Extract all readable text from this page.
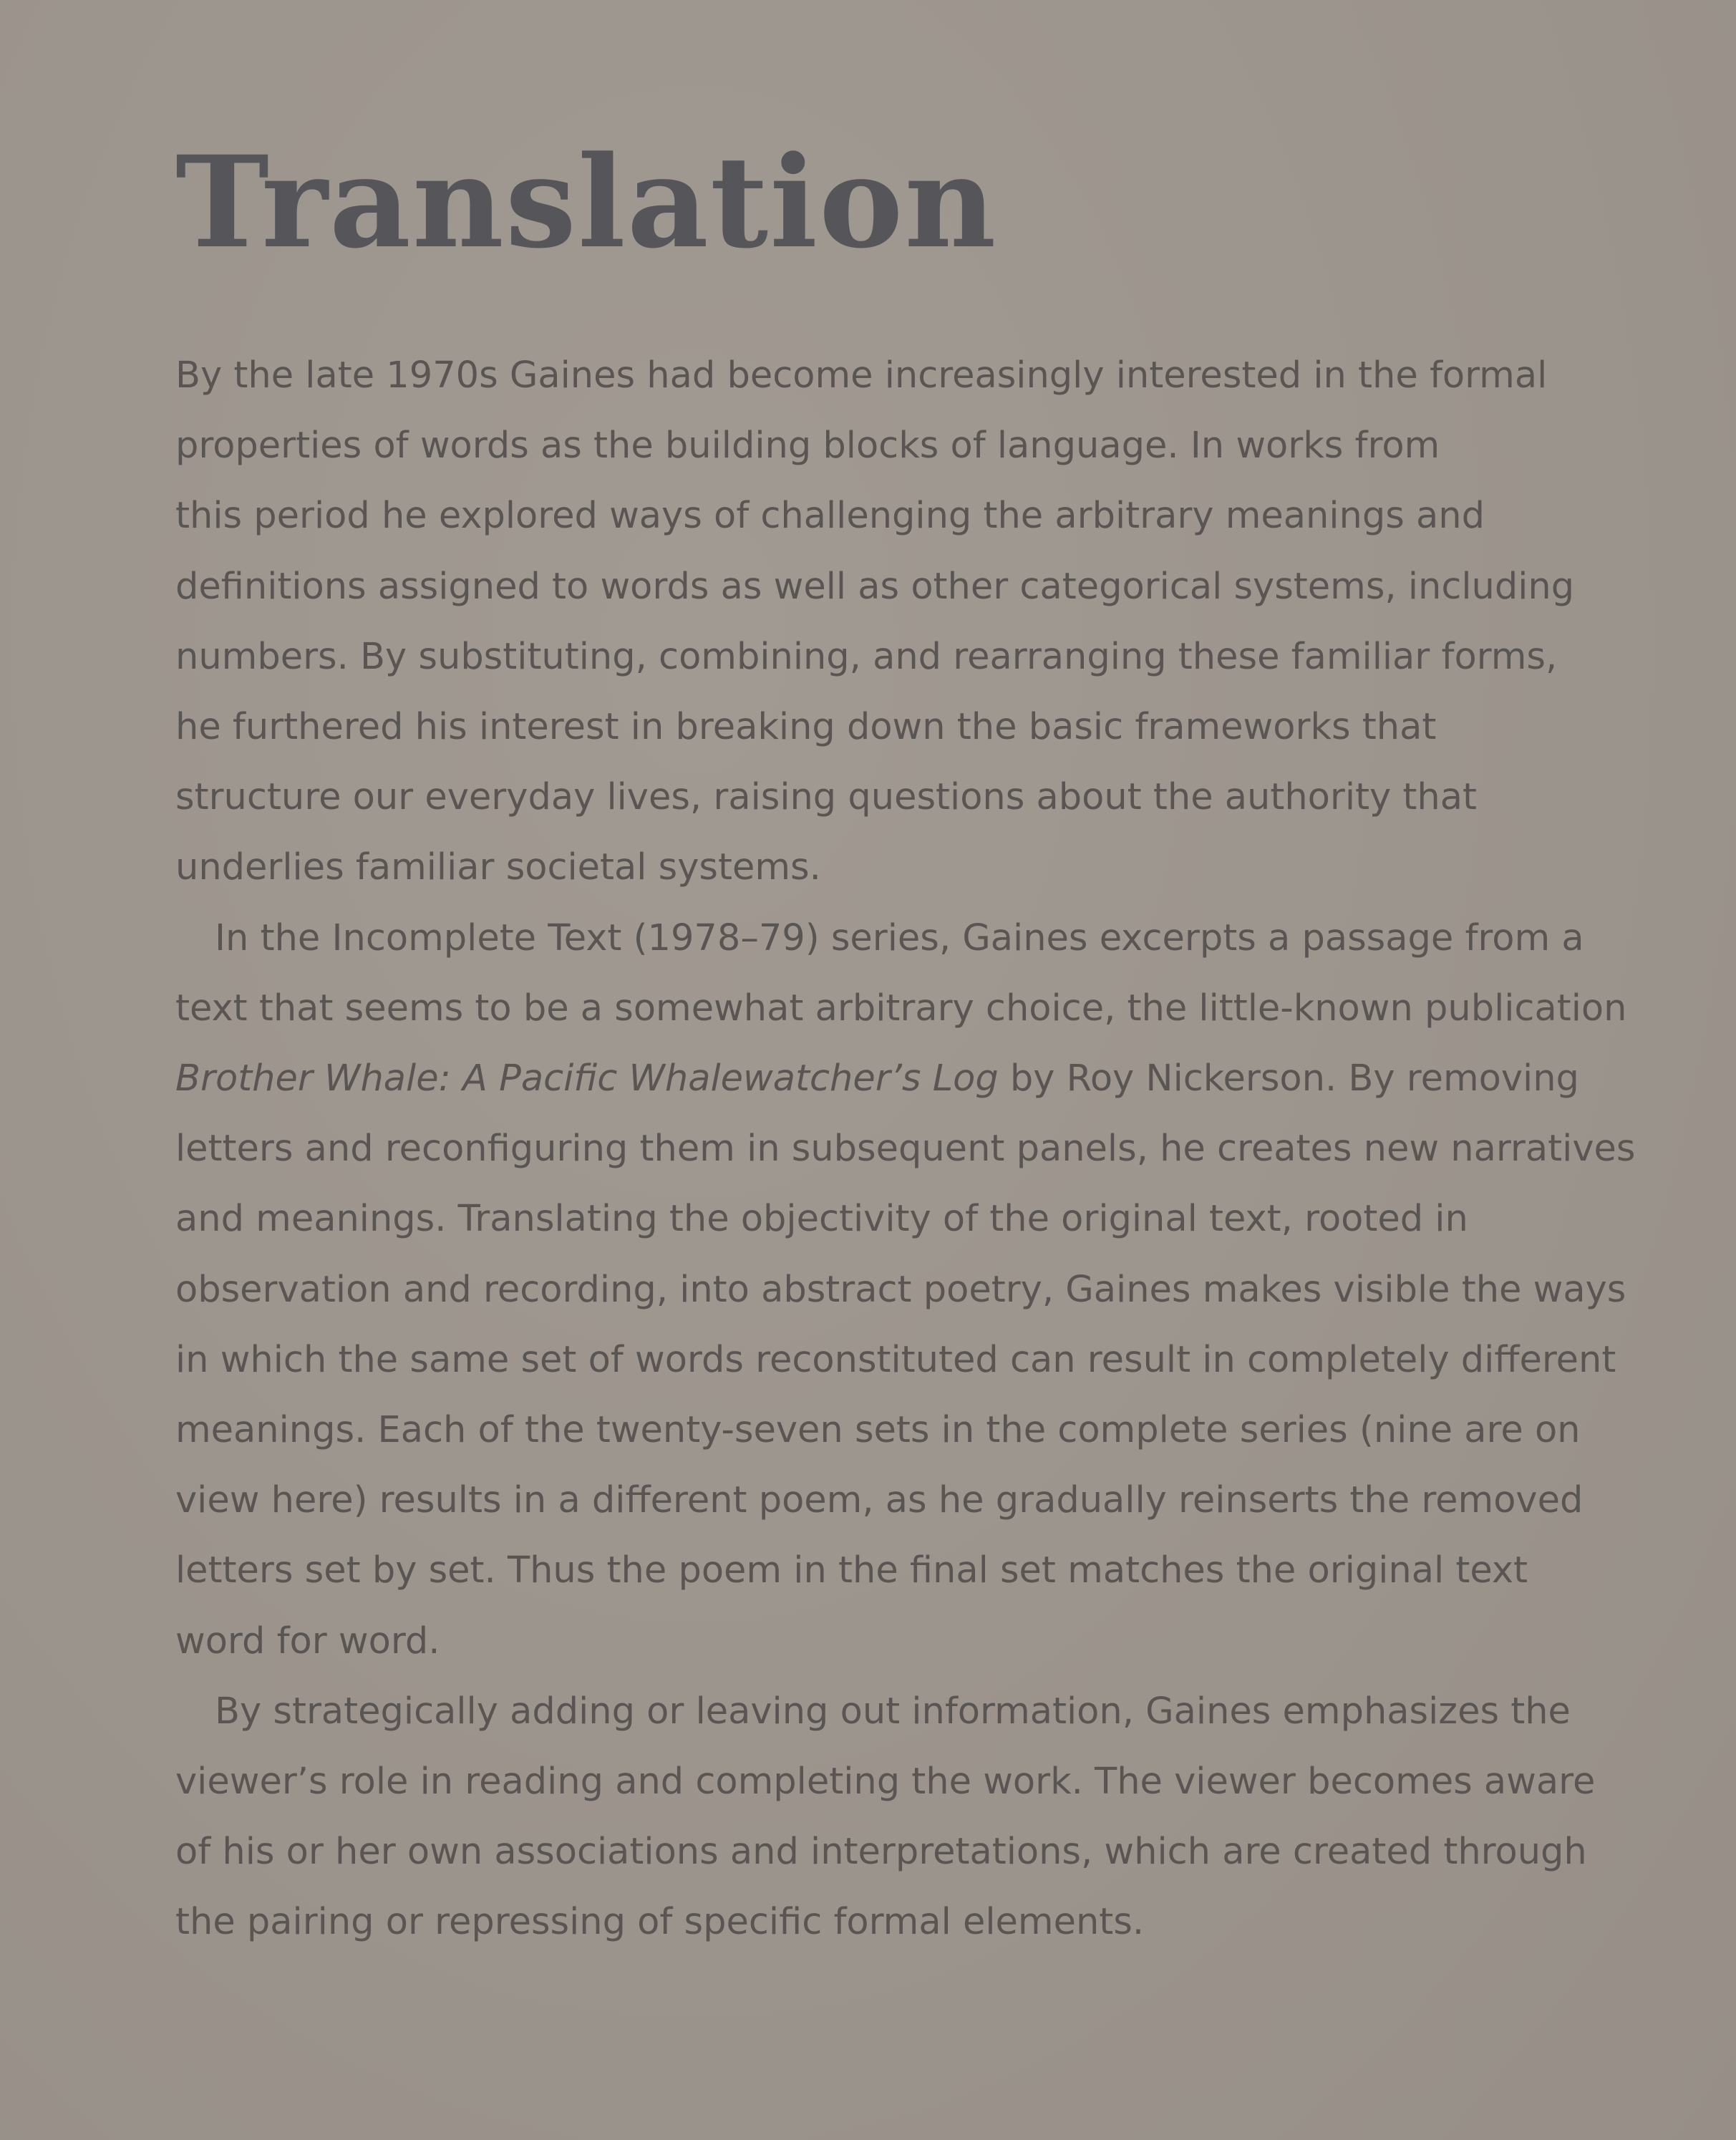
Translation

By the late 1970s Gaines had become increasingly interested in the formal
properties of words as the building blocks of language. In works from
this period he explored ways of challenging the arbitrary meanings and
definitions assigned to words as well as other categorical systems, including
numbers. By substituting, combining, and rearranging these familiar forms,
he furthered his interest in breaking down the basic frameworks that
structure our everyday lives, raising questions about the authority that
underlies familiar societal systems.

In the Incomplete Text (1978–79) series, Gaines excerpts a passage from a
text that seems to be a somewhat arbitrary choice, the little-known publication
Brother Whale: A Pacific Whalewatcher’s Log by Roy Nickerson. By removing
letters and reconfiguring them in subsequent panels, he creates new narratives
and meanings. Translating the objectivity of the original text, rooted in
observation and recording, into abstract poetry, Gaines makes visible the ways
in which the same set of words reconstituted can result in completely different
meanings. Each of the twenty-seven sets in the complete series (nine are on
view here) results in a different poem, as he gradually reinserts the removed
letters set by set. Thus the poem in the final set matches the original text
word for word.

By strategically adding or leaving out information, Gaines emphasizes the
viewer’s role in reading and completing the work. The viewer becomes aware
of his or her own associations and interpretations, which are created through
the pairing or repressing of specific formal elements.
